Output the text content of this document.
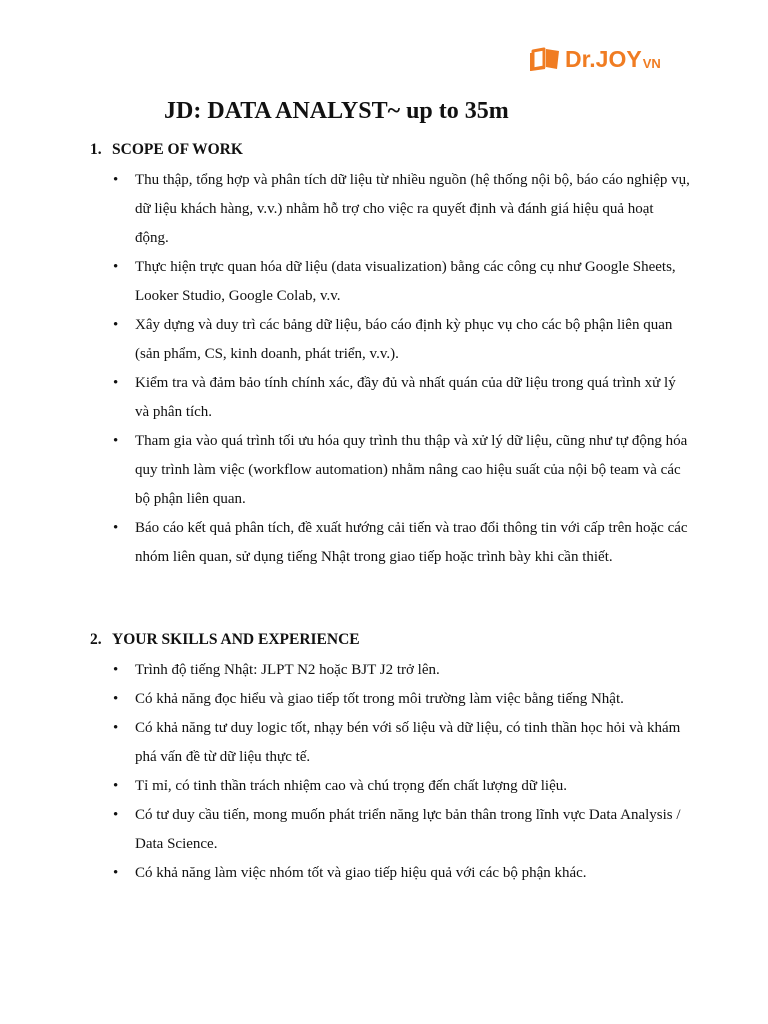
Dr.JOY VN
JD: DATA ANALYST~ up to 35m
1. SCOPE OF WORK
• Thu thập, tổng hợp và phân tích dữ liệu từ nhiều nguồn (hệ thống nội bộ, báo cáo nghiệp vụ, dữ liệu khách hàng, v.v.) nhằm hỗ trợ cho việc ra quyết định và đánh giá hiệu quả hoạt động.
• Thực hiện trực quan hóa dữ liệu (data visualization) bằng các công cụ như Google Sheets, Looker Studio, Google Colab, v.v.
• Xây dựng và duy trì các bảng dữ liệu, báo cáo định kỳ phục vụ cho các bộ phận liên quan (sản phẩm, CS, kinh doanh, phát triển, v.v.).
• Kiểm tra và đảm bảo tính chính xác, đầy đủ và nhất quán của dữ liệu trong quá trình xử lý và phân tích.
• Tham gia vào quá trình tối ưu hóa quy trình thu thập và xử lý dữ liệu, cũng như tự động hóa quy trình làm việc (workflow automation) nhằm nâng cao hiệu suất của nội bộ team và các bộ phận liên quan.
• Báo cáo kết quả phân tích, đề xuất hướng cải tiến và trao đổi thông tin với cấp trên hoặc các nhóm liên quan, sử dụng tiếng Nhật trong giao tiếp hoặc trình bày khi cần thiết.
2. YOUR SKILLS AND EXPERIENCE
• Trình độ tiếng Nhật: JLPT N2 hoặc BJT J2 trở lên.
• Có khả năng đọc hiểu và giao tiếp tốt trong môi trường làm việc bằng tiếng Nhật.
• Có khả năng tư duy logic tốt, nhạy bén với số liệu và dữ liệu, có tinh thần học hỏi và khám phá vấn đề từ dữ liệu thực tế.
• Tỉ mỉ, có tinh thần trách nhiệm cao và chú trọng đến chất lượng dữ liệu.
• Có tư duy cầu tiến, mong muốn phát triển năng lực bản thân trong lĩnh vực Data Analysis / Data Science.
• Có khả năng làm việc nhóm tốt và giao tiếp hiệu quả với các bộ phận khác.
